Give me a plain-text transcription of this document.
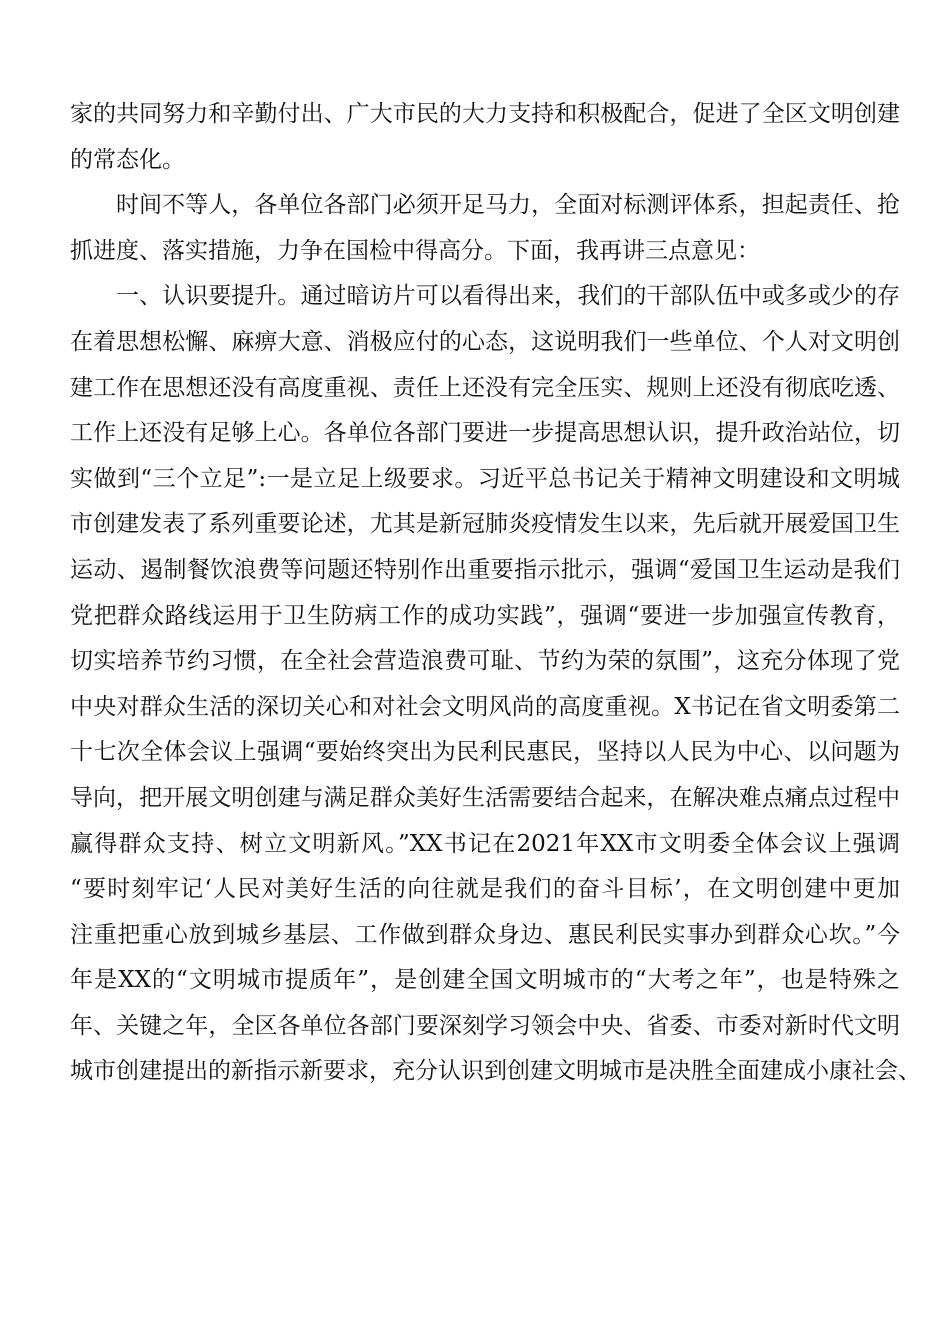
家的共同努力和辛勤付出、广大市民的大力支持和积极配合，促进了全区文明创建
的常态化。
时间不等人，各单位各部门必须开足马力，全面对标测评体系，担起责任、抢
抓进度、落实措施，力争在国检中得高分。下面，我再讲三点意见：
一、认识要提升。通过暗访片可以看得出来，我们的干部队伍中或多或少的存
在着思想松懈、麻痹大意、消极应付的心态，这说明我们一些单位、个人对文明创
建工作在思想还没有高度重视、责任上还没有完全压实、规则上还没有彻底吃透、
工作上还没有足够上心。各单位各部门要进一步提高思想认识，提升政治站位，切
实做到“三个立足”:一是立足上级要求。习近平总书记关于精神文明建设和文明城
市创建发表了系列重要论述，尤其是新冠肺炎疫情发生以来，先后就开展爱国卫生
运动、遏制餐饮浪费等问题还特别作出重要指示批示，强调“爱国卫生运动是我们
党把群众路线运用于卫生防病工作的成功实践”，强调“要进一步加强宣传教育，
切实培养节约习惯，在全社会营造浪费可耻、节约为荣的氛围”，这充分体现了党
中央对群众生活的深切关心和对社会文明风尚的高度重视。X书记在省文明委第二
十七次全体会议上强调“要始终突出为民利民惠民，坚持以人民为中心、以问题为
导向，把开展文明创建与满足群众美好生活需要结合起来，在解决难点痛点过程中
赢得群众支持、树立文明新风。”XX书记在2021年XX市文明委全体会议上强调
“要时刻牢记‘人民对美好生活的向往就是我们的奋斗目标’，在文明创建中更加
注重把重心放到城乡基层、工作做到群众身边、惠民利民实事办到群众心坎。”今
年是XX的“文明城市提质年”，是创建全国文明城市的“大考之年”，也是特殊之
年、关键之年，全区各单位各部门要深刻学习领会中央、省委、市委对新时代文明
城市创建提出的新指示新要求，充分认识到创建文明城市是决胜全面建成小康社会、
